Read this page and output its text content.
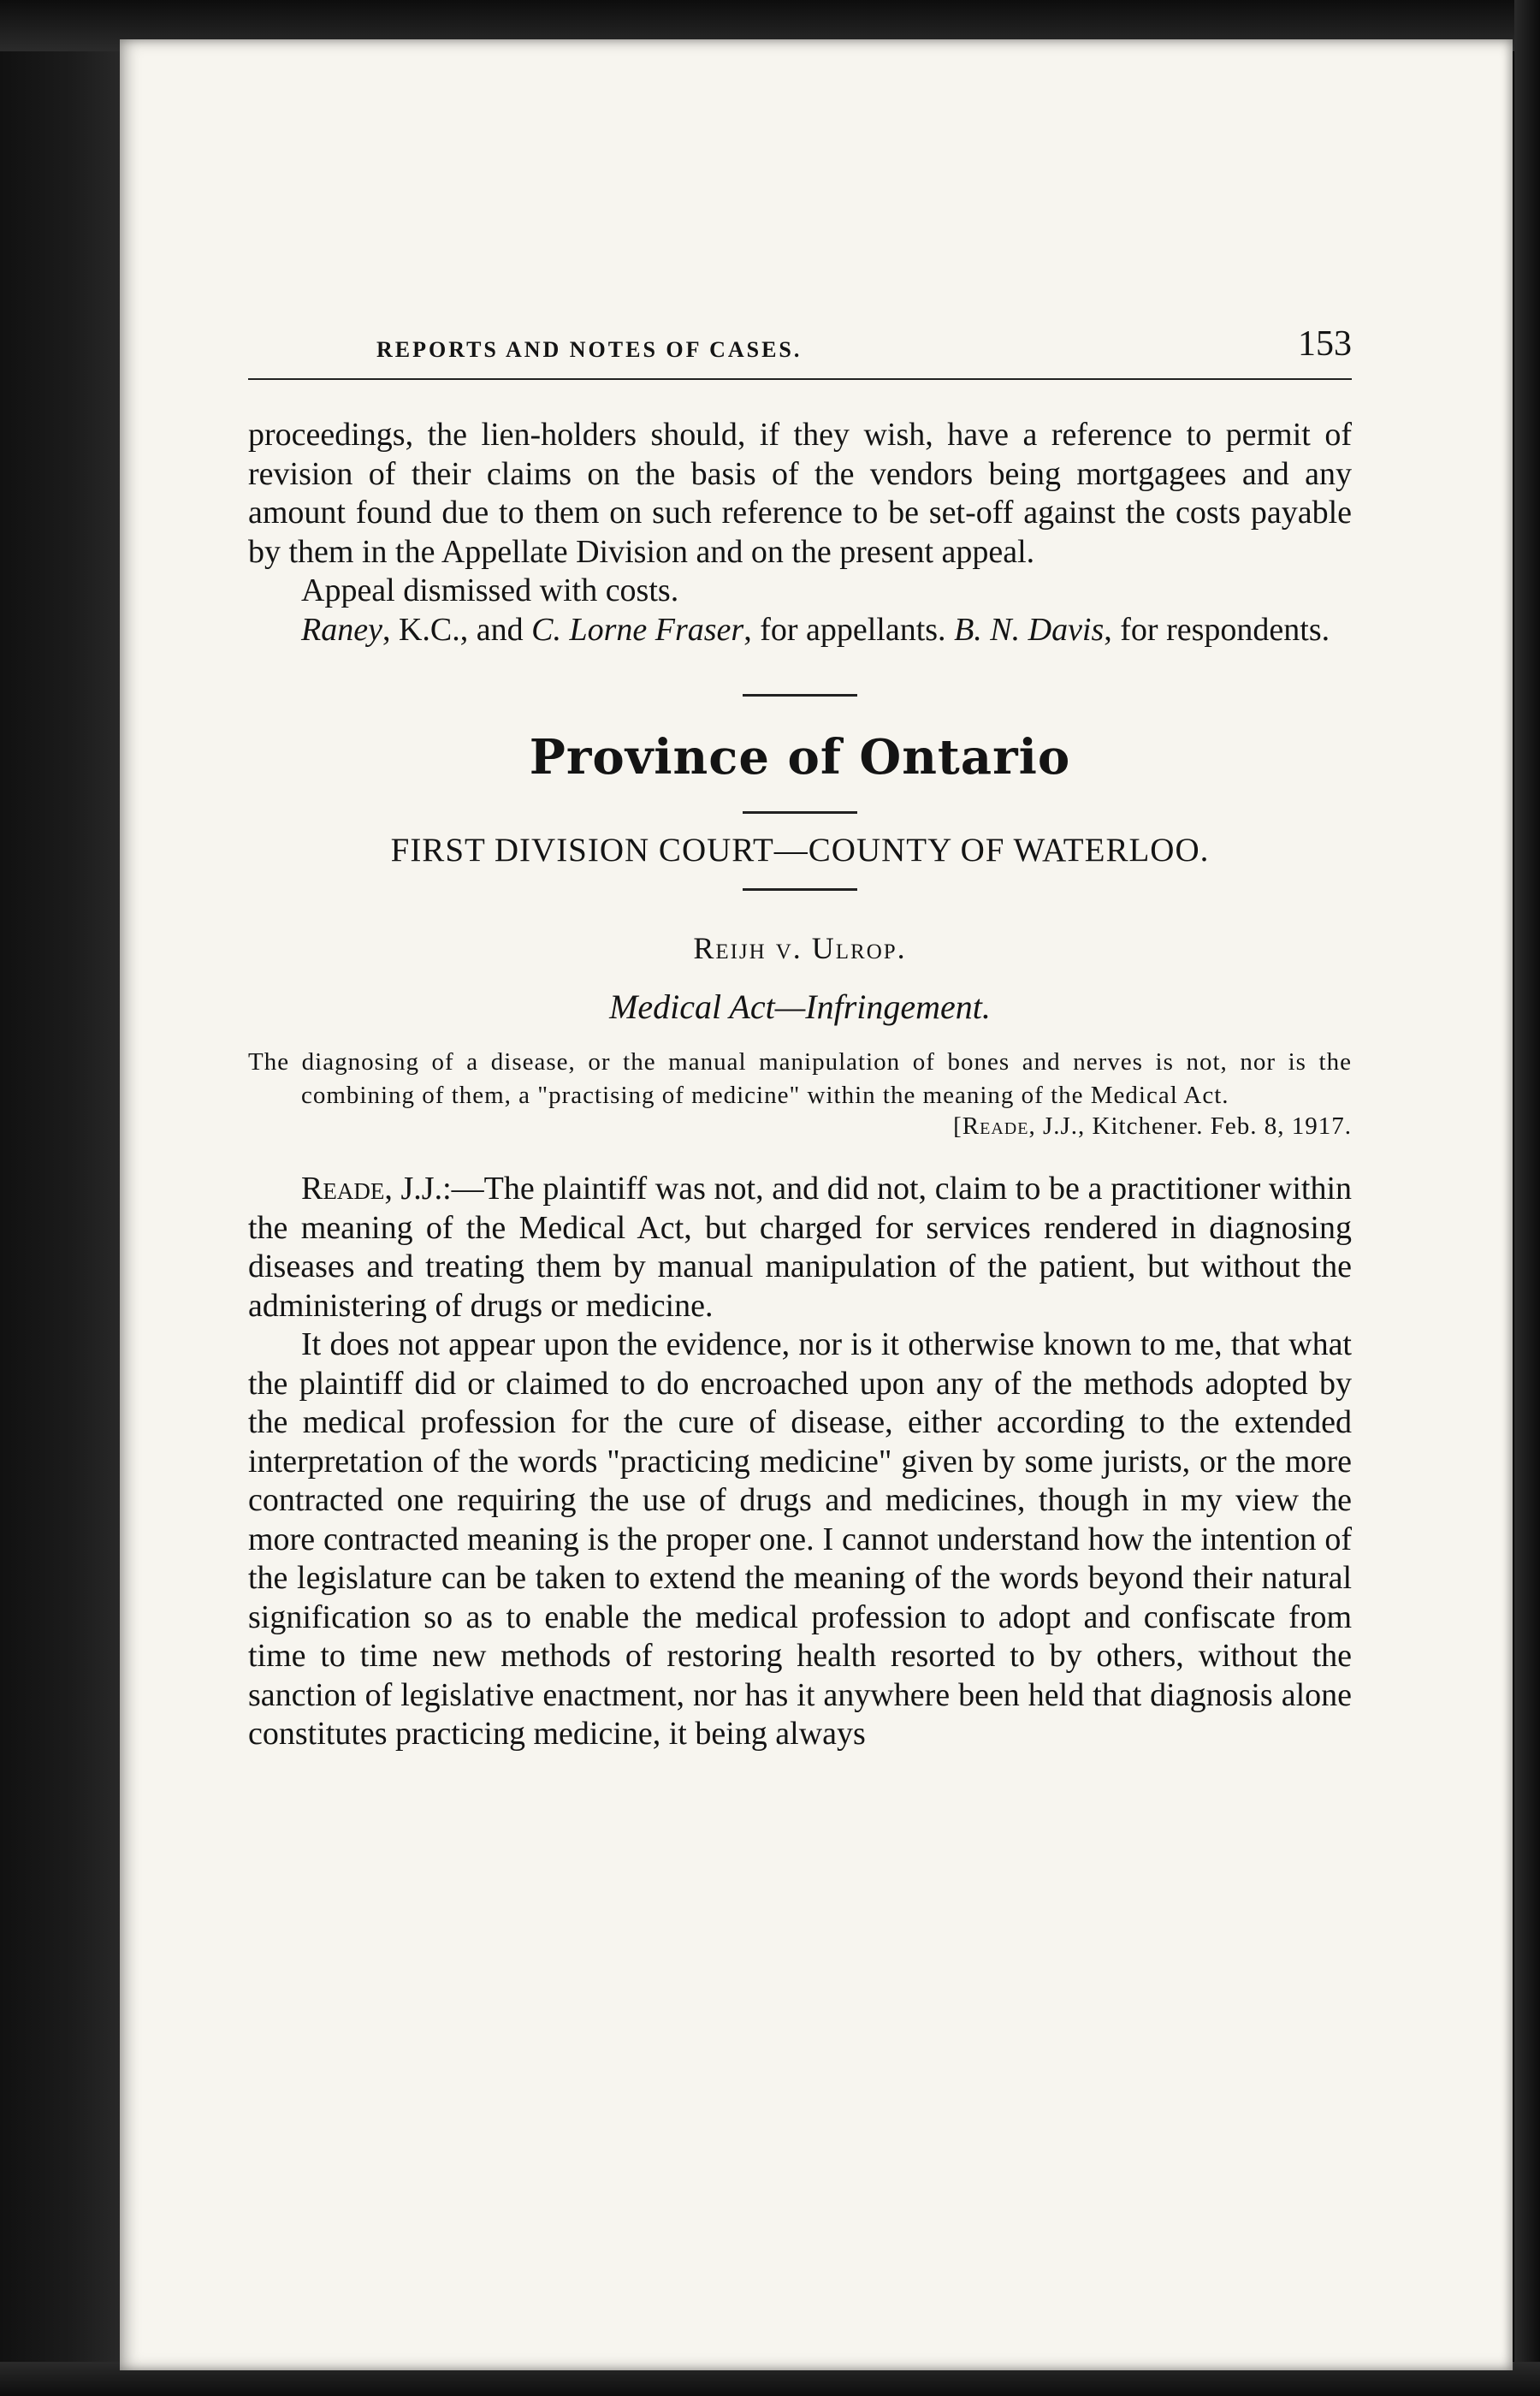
REPORTS AND NOTES OF CASES.	153

proceedings, the lien-holders should, if they wish, have a reference to permit of revision of their claims on the basis of the vendors being mortgagees and any amount found due to them on such reference to be set-off against the costs payable by them in the Appellate Division and on the present appeal.

Appeal dismissed with costs.

Raney, K.C., and C. Lorne Fraser, for appellants. B. N. Davis, for respondents.

Province of Ontario

FIRST DIVISION COURT—COUNTY OF WATERLOO.

Reijh v. Ulrop.

Medical Act—Infringement.

The diagnosing of a disease, or the manual manipulation of bones and nerves is not, nor is the combining of them, a "practising of medicine" within the meaning of the Medical Act.

[Reade, J.J., Kitchener. Feb. 8, 1917.

Reade, J.J.:—The plaintiff was not, and did not, claim to be a practitioner within the meaning of the Medical Act, but charged for services rendered in diagnosing diseases and treating them by manual manipulation of the patient, but without the administering of drugs or medicine.

It does not appear upon the evidence, nor is it otherwise known to me, that what the plaintiff did or claimed to do encroached upon any of the methods adopted by the medical profession for the cure of disease, either according to the extended interpretation of the words "practicing medicine" given by some jurists, or the more contracted one requiring the use of drugs and medicines, though in my view the more contracted meaning is the proper one. I cannot understand how the intention of the legislature can be taken to extend the meaning of the words beyond their natural signification so as to enable the medical profession to adopt and confiscate from time to time new methods of restoring health resorted to by others, without the sanction of legislative enactment, nor has it anywhere been held that diagnosis alone constitutes practicing medicine, it being always
